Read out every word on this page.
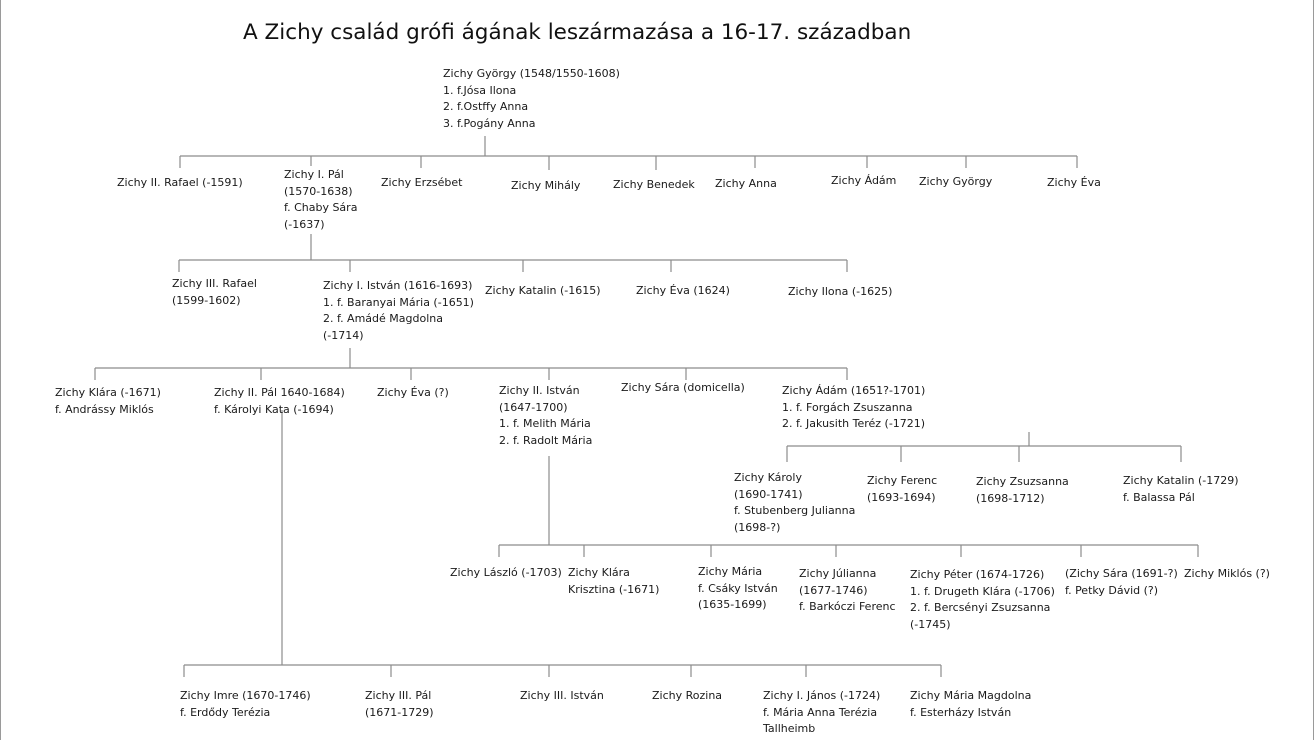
A Zichy család grófi ágának leszármazása a 16-17. században
Zichy György (1548/1550-1608)
1. f.Jósa Ilona
2. f.Ostffy Anna
3. f.Pogány Anna
Zichy II. Rafael (-1591)
Zichy I. Pál
(1570-1638)
f. Chaby Sára
(-1637)
Zichy Erzsébet	Zichy Mihály	Zichy Benedek Zichy Anna	Zichy Ádám Zichy György	Zichy Éva
Zichy III. Rafael
(1599-1602)
Zichy I. István (1616-1693)
1. f. Baranyai Mária (-1651)
2. f. Amádé Magdolna
(-1714)
Zichy Katalin (-1615)	Zichy Éva (1624)	Zichy Ilona (-1625)
Zichy Klára (-1671)
f. Andrássy Miklós
Zichy II. Pál 1640-1684)
f. Károlyi Kata (-1694)
Zichy Éva (?)	Zichy II. István
(1647-1700)
1. f. Melith Mária
2. f. Radolt Mária
Zichy Sára (domicella)	Zichy Ádám (1651?-1701)
1. f. Forgách Zsuszanna
2. f. Jakusith Teréz (-1721)
Zichy Károly
(1690-1741)
f. Stubenberg Julianna
(1698-?)
Zichy Ferenc
(1693-1694)
Zichy Zsuzsanna
(1698-1712)
Zichy Katalin (-1729)
f. Balassa Pál
Zichy László (-1703) Zichy Klára
Krisztina (-1671)
Zichy Mária
f. Csáky István
(1635-1699)
Zichy Júlianna
(1677-1746)
f. Barkóczi Ferenc
Zichy Péter (1674-1726)
1. f. Drugeth Klára (-1706)
2. f. Bercsényi Zsuzsanna
(-1745)
(Zichy Sára (1691-?)
f. Petky Dávid (?)
Zichy Miklós (?)
Zichy Imre (1670-1746)
f. Erdődy Terézia
Zichy III. Pál
(1671-1729)
Zichy III. István	Zichy Rozina	Zichy I. János (-1724)
f. Mária Anna Terézia
Tallheimb
Zichy Mária Magdolna
f. Esterházy István
